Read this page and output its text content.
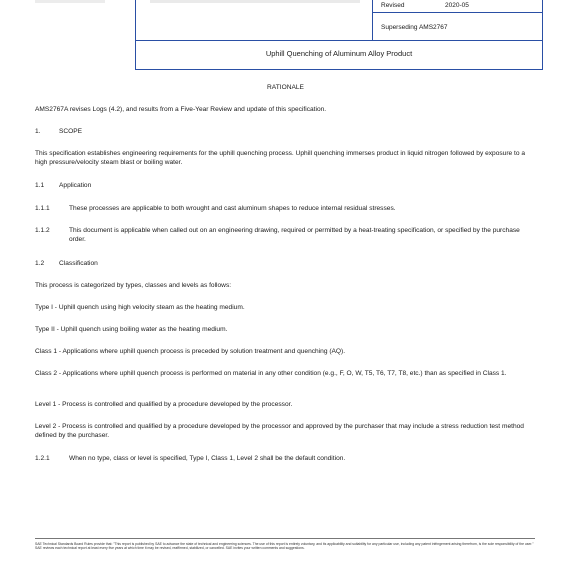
Revised	2020-05
Superseding AMS2767
Uphill Quenching of Aluminum Alloy Product
RATIONALE
AMS2767A revises Logs (4.2), and results from a Five-Year Review and update of this specification.
1.	SCOPE
This specification establishes engineering requirements for the uphill quenching process. Uphill quenching immerses product in liquid nitrogen followed by exposure to a high pressure/velocity steam blast or boiling water.
1.1 Application
1.1.1	These processes are applicable to both wrought and cast aluminum shapes to reduce internal residual stresses.
1.1.2	This document is applicable when called out on an engineering drawing, required or permitted by a heat-treating specification, or specified by the purchase order.
1.2 Classification
This process is categorized by types, classes and levels as follows:
Type I - Uphill quench using high velocity steam as the heating medium.
Type II - Uphill quench using boiling water as the heating medium.
Class 1 - Applications where uphill quench process is preceded by solution treatment and quenching (AQ).
Class 2 - Applications where uphill quench process is performed on material in any other condition (e.g., F, O, W, T5, T6, T7, T8, etc.) than as specified in Class 1.
Level 1 - Process is controlled and qualified by a procedure developed by the processor.
Level 2 - Process is controlled and qualified by a procedure developed by the processor and approved by the purchaser that may include a stress reduction test method defined by the purchaser.
1.2.1	When no type, class or level is specified, Type I, Class 1, Level 2 shall be the default condition.
SAE Technical Standards Board Rules provide that: "This report is published by SAE to advance the state of technical and engineering sciences. The use of this report is entirely voluntary, and its applicability and suitability for any particular use, including any patent infringement arising therefrom, is the sole responsibility of the user."
SAE reviews each technical report at least every five years at which time it may be revised, reaffirmed, stabilized, or cancelled. SAE invites your written comments and suggestions.
